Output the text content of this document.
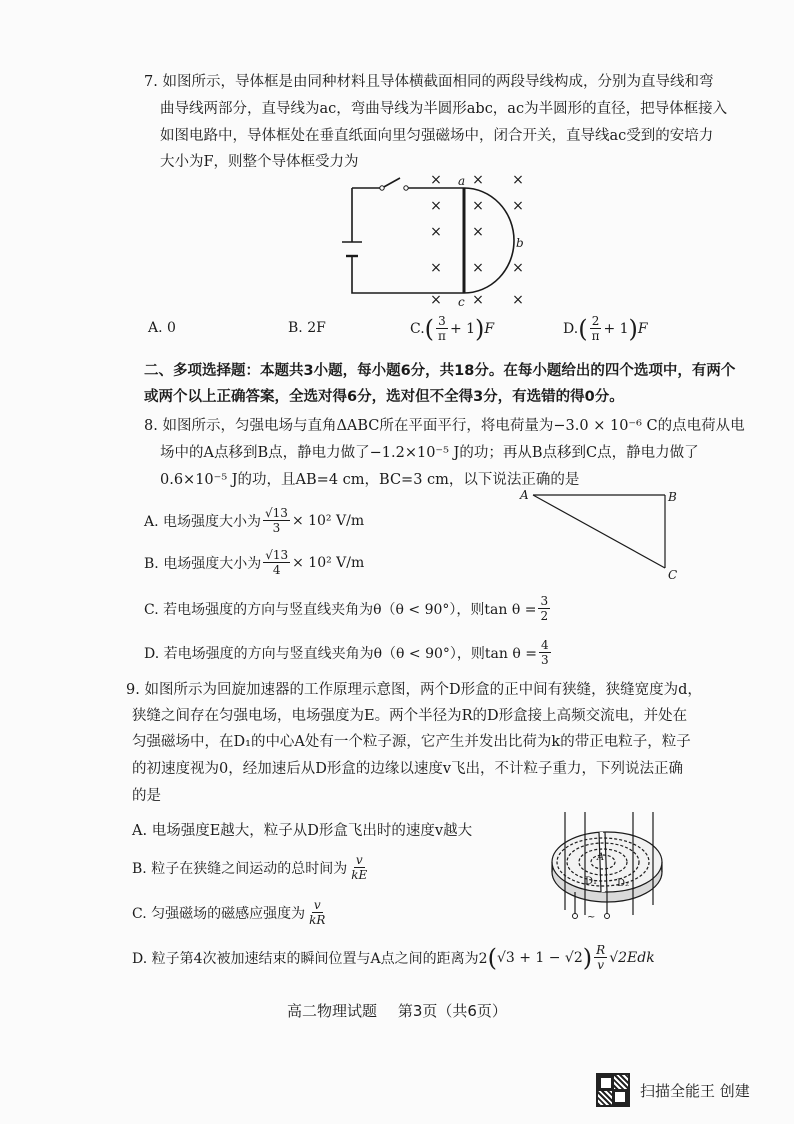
7. 如图所示，导体框是由同种材料且导体横截面相同的两段导线构成，分别为直导线和弯
曲导线两部分，直导线为ac，弯曲导线为半圆形abc，ac为半圆形的直径，把导体框接入
如图电路中，导体框处在垂直纸面向里匀强磁场中，闭合开关，直导线ac受到的安培力
大小为F，则整个导体框受力为
× × ×
× × ×
× ×
× × ×
× × ×
a
b
c
A. 0	B. 2F	C. ( $\frac{3}{\pi} + 1$ ) F	D. ( $\frac{2}{\pi} + 1$ ) F
二、多项选择题：本题共3小题，每小题6分，共18分。在每小题给出的四个选项中，有两个
或两个以上正确答案，全选对得6分，选对但不全得3分，有选错的得0分。
8. 如图所示，匀强电场与直角ΔABC所在平面平行，将电荷量为−3.0 × 10⁻⁶ C的点电荷从电
场中的A点移到B点，静电力做了−1.2×10⁻⁵ J的功；再从B点移到C点，静电力做了
0.6×10⁻⁵ J的功，且AB=4 cm，BC=3 cm，以下说法正确的是
A	B
C
A. 电场强度大小为 $\frac{√13}{3} \times 10^2$ V/m
B. 电场强度大小为 $\frac{√13}{4} \times 10^2$ V/m
C. 若电场强度的方向与竖直线夹角为θ（θ < 90°），则$\tan \theta = \frac{3}{2}$
D. 若电场强度的方向与竖直线夹角为θ（θ < 90°），则$\tan \theta = \frac{4}{3}$
9. 如图所示为回旋加速器的工作原理示意图，两个D形盒的正中间有狭缝，狭缝宽度为d，
狭缝之间存在匀强电场，电场强度为E。两个半径为R的D形盒接上高频交流电，并处在
匀强磁场中，在D₁的中心A处有一个粒子源，它产生并发出比荷为k的带正电粒子，粒子
的初速度视为0，经加速后从D形盒的边缘以速度v飞出，不计粒子重力，下列说法正确
的是
A
D₁ D₂
~
A. 电场强度E越大，粒子从D形盒飞出时的速度v越大
B. 粒子在狭缝之间运动的总时间为 $\frac{v}{kE}$
C. 匀强磁场的磁感应强度为 $\frac{v}{kR}$
D. 粒子第4次被加速结束的瞬间位置与A点之间的距离为2 ( √3 + 1 − √2 ) $\frac{R}{v} √2Edk$
高二物理试题 第3页（共6页）
扫描全能王 创建
